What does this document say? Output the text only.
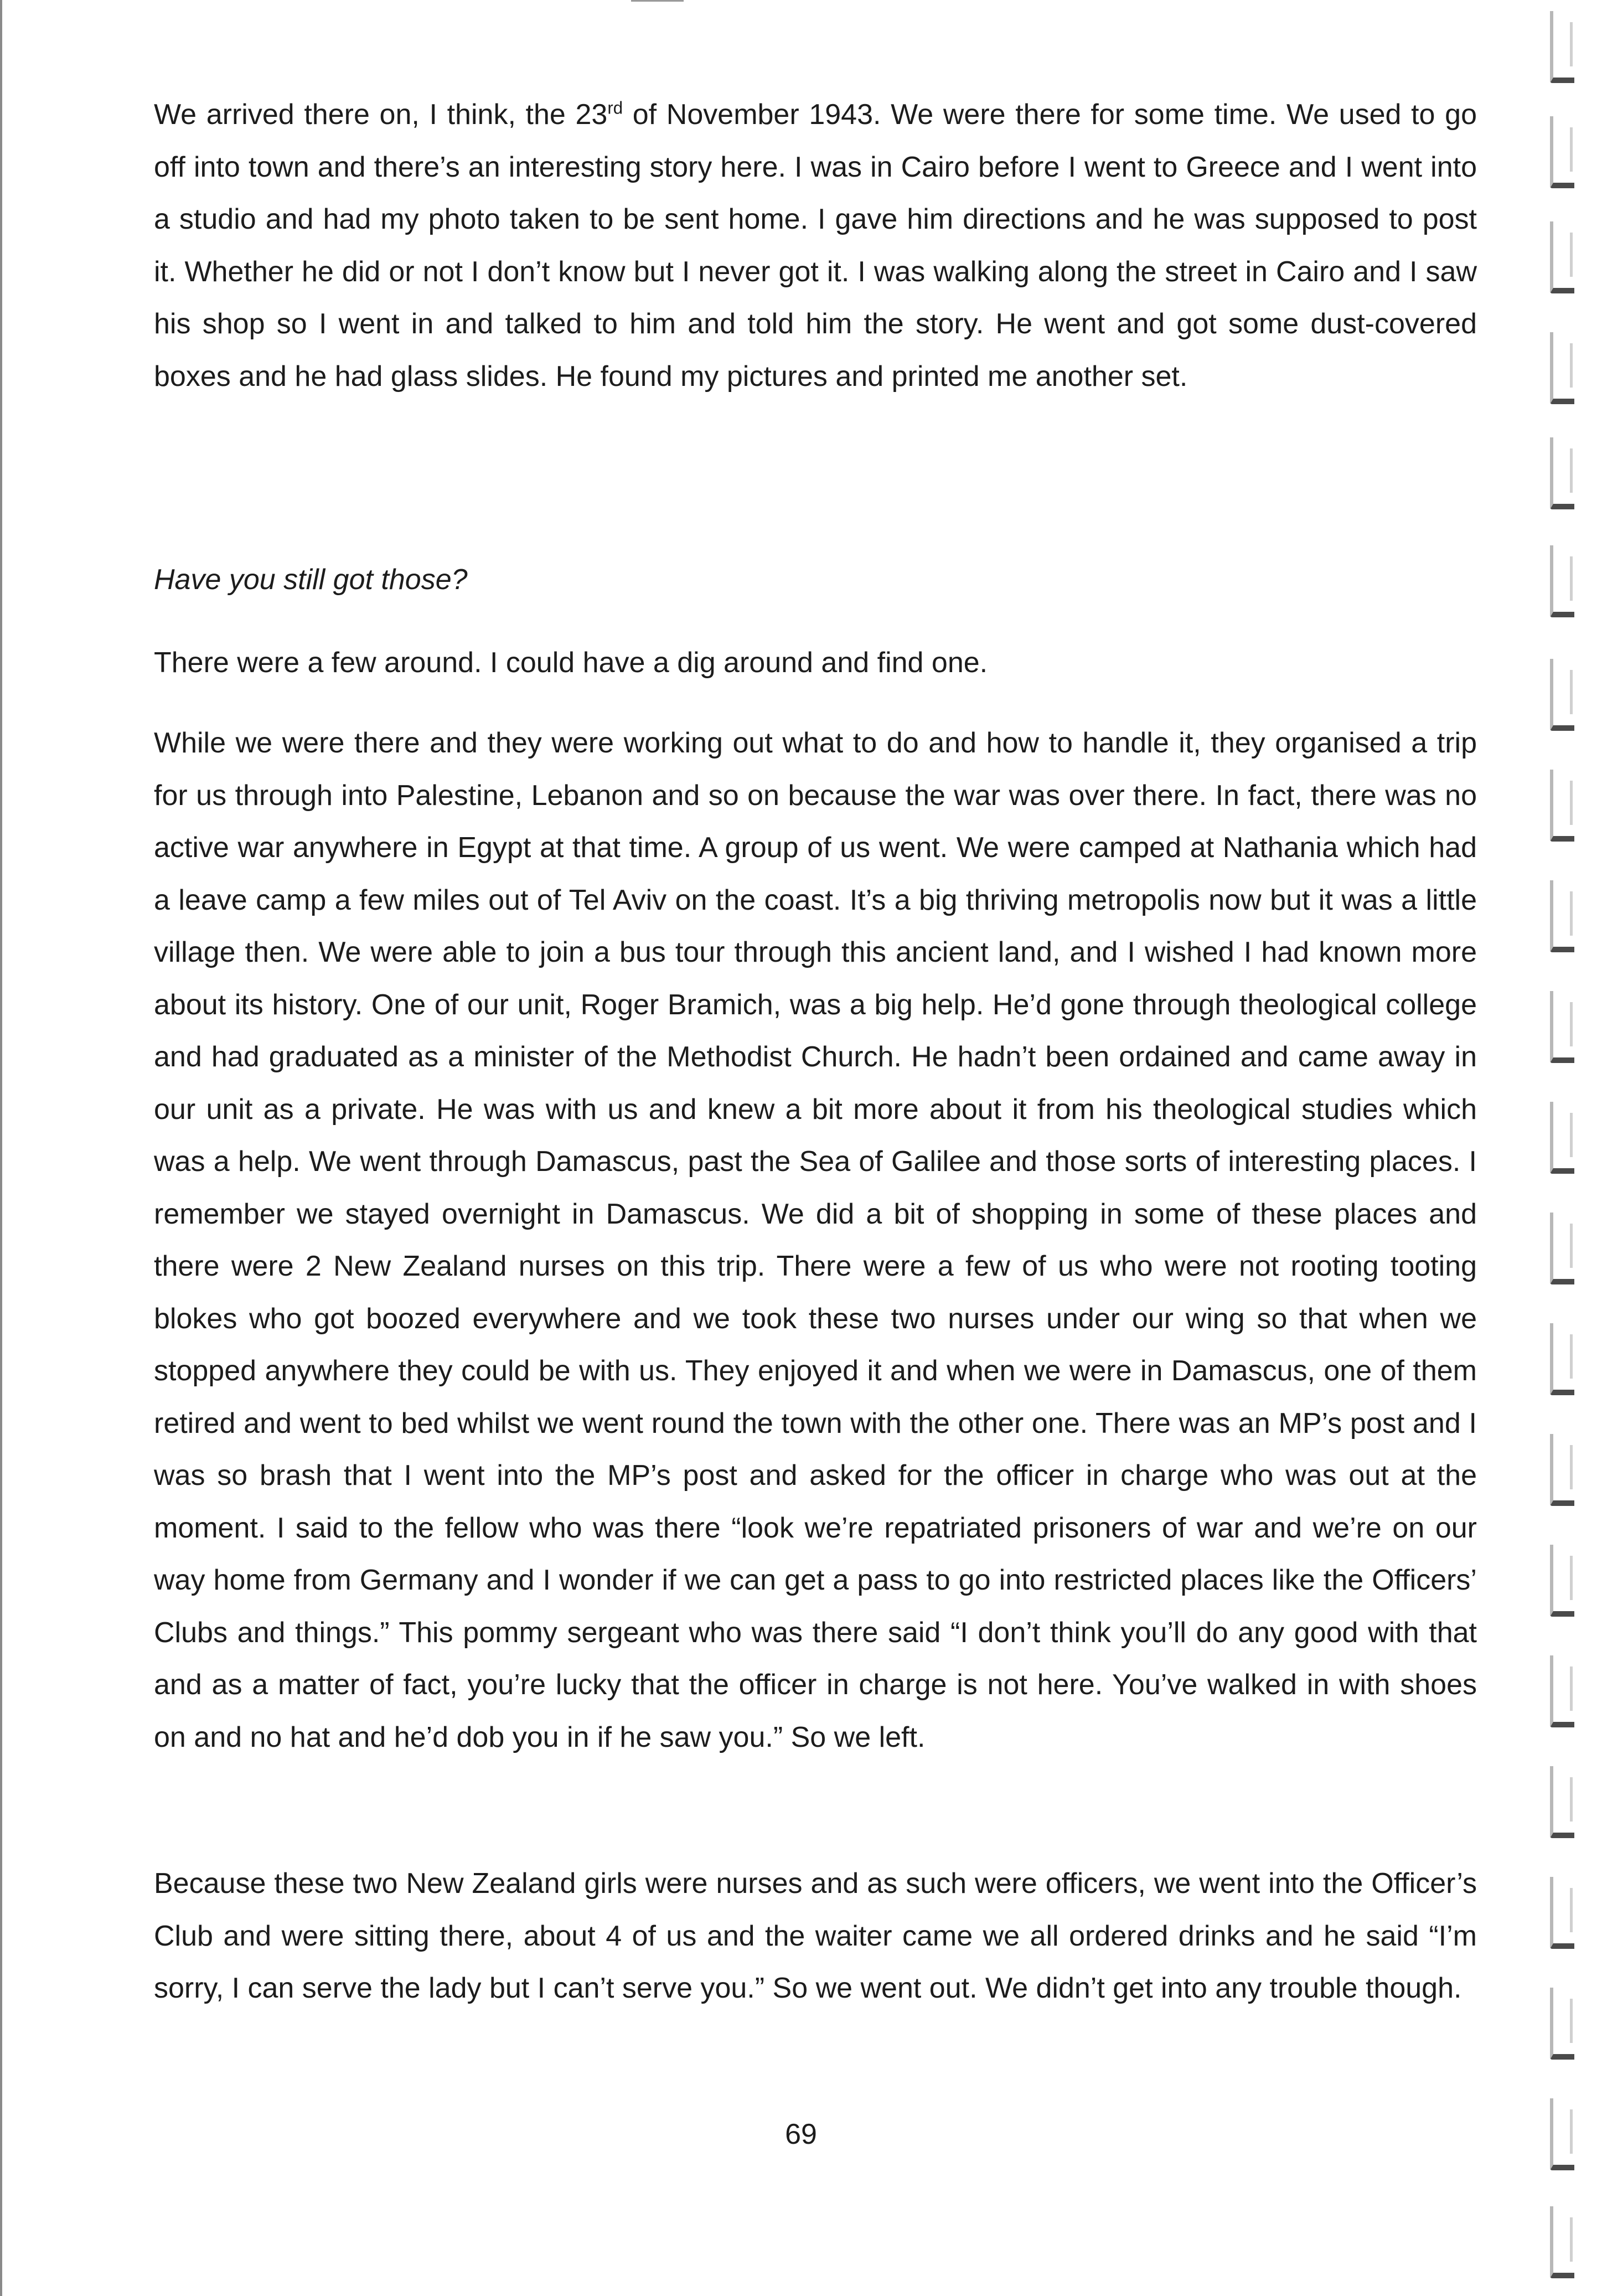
We arrived there on, I think, the 23rd of November 1943. We were there for some time. We used to go off into town and there’s an interesting story here. I was in Cairo before I went to Greece and I went into a studio and had my photo taken to be sent home. I gave him directions and he was supposed to post it. Whether he did or not I don’t know but I never got it. I was walking along the street in Cairo and I saw his shop so I went in and talked to him and told him the story. He went and got some dust-covered boxes and he had glass slides. He found my pictures and printed me another set.

Have you still got those?

There were a few around. I could have a dig around and find one.

While we were there and they were working out what to do and how to handle it, they organised a trip for us through into Palestine, Lebanon and so on because the war was over there. In fact, there was no active war anywhere in Egypt at that time. A group of us went. We were camped at Nathania which had a leave camp a few miles out of Tel Aviv on the coast. It’s a big thriving metropolis now but it was a little village then. We were able to join a bus tour through this ancient land, and I wished I had known more about its history. One of our unit, Roger Bramich, was a big help. He’d gone through theological college and had graduated as a minister of the Methodist Church. He hadn’t been ordained and came away in our unit as a private. He was with us and knew a bit more about it from his theological studies which was a help. We went through Damascus, past the Sea of Galilee and those sorts of interesting places. I remember we stayed overnight in Damascus. We did a bit of shopping in some of these places and there were 2 New Zealand nurses on this trip. There were a few of us who were not rooting tooting blokes who got boozed everywhere and we took these two nurses under our wing so that when we stopped anywhere they could be with us. They enjoyed it and when we were in Damascus, one of them retired and went to bed whilst we went round the town with the other one. There was an MP’s post and I was so brash that I went into the MP’s post and asked for the officer in charge who was out at the moment. I said to the fellow who was there “look we’re repatriated prisoners of war and we’re on our way home from Germany and I wonder if we can get a pass to go into restricted places like the Officers’ Clubs and things.” This pommy sergeant who was there said “I don’t think you’ll do any good with that and as a matter of fact, you’re lucky that the officer in charge is not here. You’ve walked in with shoes on and no hat and he’d dob you in if he saw you.” So we left.

Because these two New Zealand girls were nurses and as such were officers, we went into the Officer’s Club and were sitting there, about 4 of us and the waiter came we all ordered drinks and he said “I’m sorry, I can serve the lady but I can’t serve you.” So we went out. We didn’t get into any trouble though.

69
